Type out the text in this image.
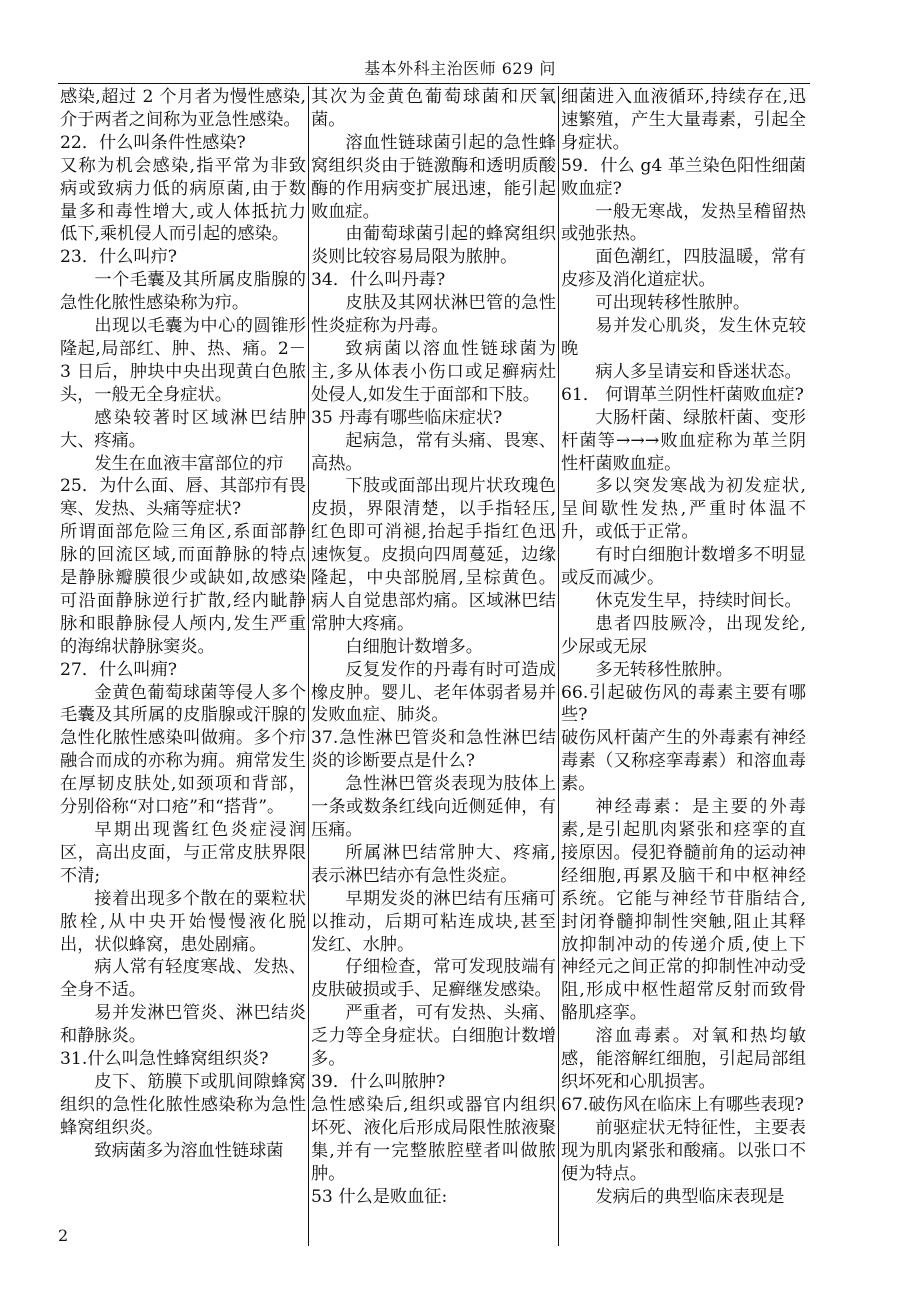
基本外科主治医师 629 问

感染,超过 2 个月者为慢性感染,介于两者之间称为亚急性感染。

22．什么叫条件性感染?

又称为机会感染,指平常为非致病或致病力低的病原菌,由于数量多和毒性增大,或人体抵抗力低下,乘机侵人而引起的感染。

23．什么叫疖?

一个毛囊及其所属皮脂腺的急性化脓性感染称为疖。

出现以毛囊为中心的圆锥形隆起,局部红、肿、热、痛。2－3 日后，肿块中央出现黄白色脓头，一般无全身症状。

感染较著时区域淋巴结肿大、疼痛。

发生在血液丰富部位的疖

25．为什么面、唇、其部疖有畏寒、发热、头痛等症状?

所谓面部危险三角区,系面部静脉的回流区域,而面静脉的特点是静脉瓣膜很少或缺如,故感染可沿面静脉逆行扩散,经内眦静脉和眼静脉侵人颅内,发生严重的海绵状静脉窦炎。

27．什么叫痈?

金黄色葡萄球菌等侵人多个毛囊及其所属的皮脂腺或汗腺的急性化脓性感染叫做痈。多个疖融合而成的亦称为痈。痈常发生在厚韧皮肤处,如颈项和背部，分别俗称“对口疮”和“搭背”。

早期出现酱红色炎症浸润区，高出皮面，与正常皮肤界限不清;

接着出现多个散在的粟粒状脓栓,从中央开始慢慢液化脱出，状似蜂窝，患处剧痛。

病人常有轻度寒战、发热、全身不适。

易并发淋巴管炎、淋巴结炎和静脉炎。

31.什么叫急性蜂窝组织炎?

皮下、筋膜下或肌间隙蜂窝组织的急性化脓性感染称为急性蜂窝组织炎。

致病菌多为溶血性链球菌

其次为金黄色葡萄球菌和厌氧菌。

溶血性链球菌引起的急性蜂窝组织炎由于链激酶和透明质酸酶的作用病变扩展迅速，能引起败血症。

由葡萄球菌引起的蜂窝组织炎则比较容易局限为脓肿。

34．什么叫丹毒?

皮肤及其网状淋巴管的急性性炎症称为丹毒。

致病菌以溶血性链球菌为主,多从体表小伤口或足癣病灶处侵人,如发生于面部和下肢。

35 丹毒有哪些临床症状?

起病急，常有头痛、畏寒、高热。

下肢或面部出现片状玫瑰色皮损，界限清楚，以手指轻压,红色即可消褪,抬起手指红色迅速恢复。皮损向四周蔓延，边缘隆起，中央部脱屑,呈棕黄色。病人自觉患部灼痛。区域淋巴结常肿大疼痛。

白细胞计数增多。

反复发作的丹毒有时可造成橡皮肿。婴儿、老年体弱者易并发败血症、肺炎。

37.急性淋巴管炎和急性淋巴结炎的诊断要点是什么?

急性淋巴管炎表现为肢体上一条或数条红线向近侧延伸，有压痛。

所属淋巴结常肿大、疼痛,表示淋巴结亦有急性炎症。

早期发炎的淋巴结有压痛可以推动，后期可粘连成块,甚至发红、水肿。

仔细检查，常可发现肢端有皮肤破损或手、足癣继发感染。

严重者，可有发热、头痛、乏力等全身症状。白细胞计数增多。

39．什么叫脓肿?

急性感染后,组织或器官内组织坏死、液化后形成局限性脓液聚集,并有一完整脓腔壁者叫做脓肿。

53 什么是败血征:

细菌进入血液循环,持续存在,迅速繁殖，产生大量毒素，引起全身症状。

59．什么 g4 革兰染色阳性细菌败血症?

一般无寒战，发热呈稽留热或弛张热。

面色潮红，四肢温暖，常有皮疹及消化道症状。

可出现转移性脓肿。

易并发心肌炎，发生休克较晚

病人多呈请妄和昏迷状态。

61． 何谓革兰阴性杆菌败血症?

大肠杆菌、绿脓杆菌、变形杆菌等→→→败血症称为革兰阴性杆菌败血症。

多以突发寒战为初发症状,呈间歇性发热,严重时体温不升，或低于正常。

有时白细胞计数增多不明显或反而减少。

休克发生早，持续时间长。

患者四肢厥冷，出现发纶,少尿或无尿

多无转移性脓肿。

66.引起破伤风的毒素主要有哪些?

破伤风杆菌产生的外毒素有神经毒素（又称痉挛毒素）和溶血毒素。

神经毒素：是主要的外毒素,是引起肌肉紧张和痉挛的直接原因。侵犯脊髓前角的运动神经细胞,再累及脑干和中枢神经系统。它能与神经节苷脂结合,封闭脊髓抑制性突触,阻止其释放抑制冲动的传递介质,使上下神经元之间正常的抑制性冲动受阻,形成中枢性超常反射而致骨骼肌痉挛。

溶血毒素。对氧和热均敏感，能溶解红细胞，引起局部组织坏死和心肌损害。

67.破伤风在临床上有哪些表现?

前驱症状无特征性，主要表现为肌肉紧张和酸痛。以张口不便为特点。

发病后的典型临床表现是

2
